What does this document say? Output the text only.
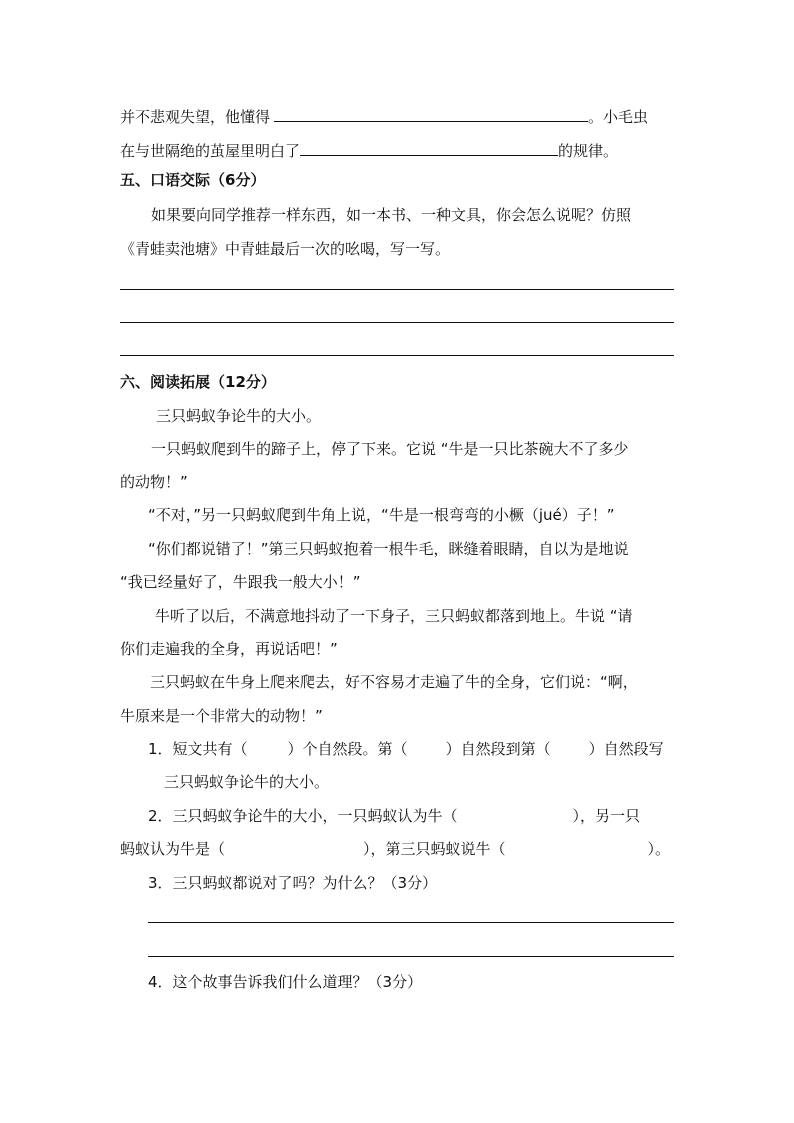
并不悲观失望，他懂得	。小毛虫
在与世隔绝的茧屋里明白了	的规律。
五、口语交际（6分）
如果要向同学推荐一样东西，如一本书、一种文具，你会怎么说呢？仿照
《青蛙卖池塘》中青蛙最后一次的吆喝，写一写。
六、阅读拓展（12分）
三只蚂蚁争论牛的大小。
一只蚂蚁爬到牛的蹄子上，停了下来。它说 “牛是一只比茶碗大不了多少
的动物！”
“不对，”另一只蚂蚁爬到牛角上说，“牛是一根弯弯的小橛（jué）子！”
“你们都说错了！”第三只蚂蚁抱着一根牛毛，眯缝着眼睛，自以为是地说
“我已经量好了，牛跟我一般大小！”
牛听了以后，不满意地抖动了一下身子，三只蚂蚁都落到地上。牛说 “请
你们走遍我的全身，再说话吧！”
三只蚂蚁在牛身上爬来爬去，好不容易才走遍了牛的全身，它们说：“啊，
牛原来是一个非常大的动物！”
1．短文共有（	）个自然段。第（	）自然段到第（	）自然段写
三只蚂蚁争论牛的大小。
2．三只蚂蚁争论牛的大小，一只蚂蚁认为牛（	），另一只
蚂蚁认为牛是（	），第三只蚂蚁说牛（	）。
3．三只蚂蚁都说对了吗？为什么？（3分）
4．这个故事告诉我们什么道理？（3分）
